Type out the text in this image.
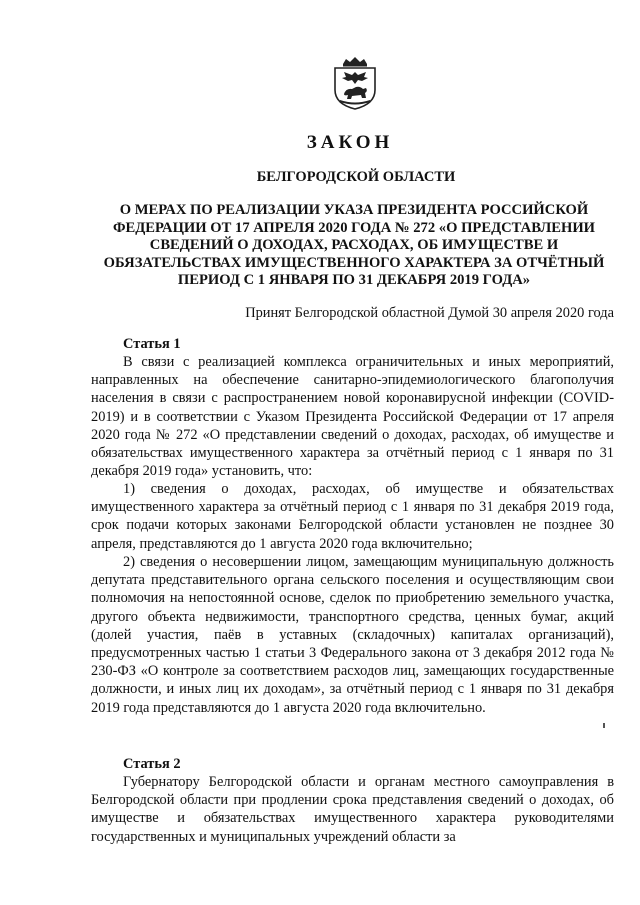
ЗАКОН
БЕЛГОРОДСКОЙ ОБЛАСТИ
О МЕРАХ ПО РЕАЛИЗАЦИИ УКАЗА ПРЕЗИДЕНТА РОССИЙСКОЙ ФЕДЕРАЦИИ ОТ 17 АПРЕЛЯ 2020 ГОДА № 272 «О ПРЕДСТАВЛЕНИИ СВЕДЕНИЙ О ДОХОДАХ, РАСХОДАХ, ОБ ИМУЩЕСТВЕ И ОБЯЗАТЕЛЬСТВАХ ИМУЩЕСТВЕННОГО ХАРАКТЕРА ЗА ОТЧЁТНЫЙ ПЕРИОД С 1 ЯНВАРЯ ПО 31 ДЕКАБРЯ 2019 ГОДА»
Принят Белгородской областной Думой 30 апреля 2020 года
Статья 1
В связи с реализацией комплекса ограничительных и иных мероприятий, направленных на обеспечение санитарно-эпидемиологического благополучия населения в связи с распространением новой коронавирусной инфекции (COVID-2019) и в соответствии с Указом Президента Российской Федерации от 17 апреля 2020 года № 272 «О представлении сведений о доходах, расходах, об имуществе и обязательствах имущественного характера за отчётный период с 1 января по 31 декабря 2019 года» установить, что:
1) сведения о доходах, расходах, об имуществе и обязательствах имущественного характера за отчётный период с 1 января по 31 декабря 2019 года, срок подачи которых законами Белгородской области установлен не позднее 30 апреля, представляются до 1 августа 2020 года включительно;
2) сведения о несовершении лицом, замещающим муниципальную должность депутата представительного органа сельского поселения и осуществляющим свои полномочия на непостоянной основе, сделок по приобретению земельного участка, другого объекта недвижимости, транспортного средства, ценных бумаг, акций (долей участия, паёв в уставных (складочных) капиталах организаций), предусмотренных частью 1 статьи 3 Федерального закона от 3 декабря 2012 года № 230-ФЗ «О контроле за соответствием расходов лиц, замещающих государственные должности, и иных лиц их доходам», за отчётный период с 1 января по 31 декабря 2019 года представляются до 1 августа 2020 года включительно.
Статья 2
Губернатору Белгородской области и органам местного самоуправления в Белгородской области при продлении срока представления сведений о доходах, об имуществе и обязательствах имущественного характера руководителями государственных и муниципальных учреждений области за
